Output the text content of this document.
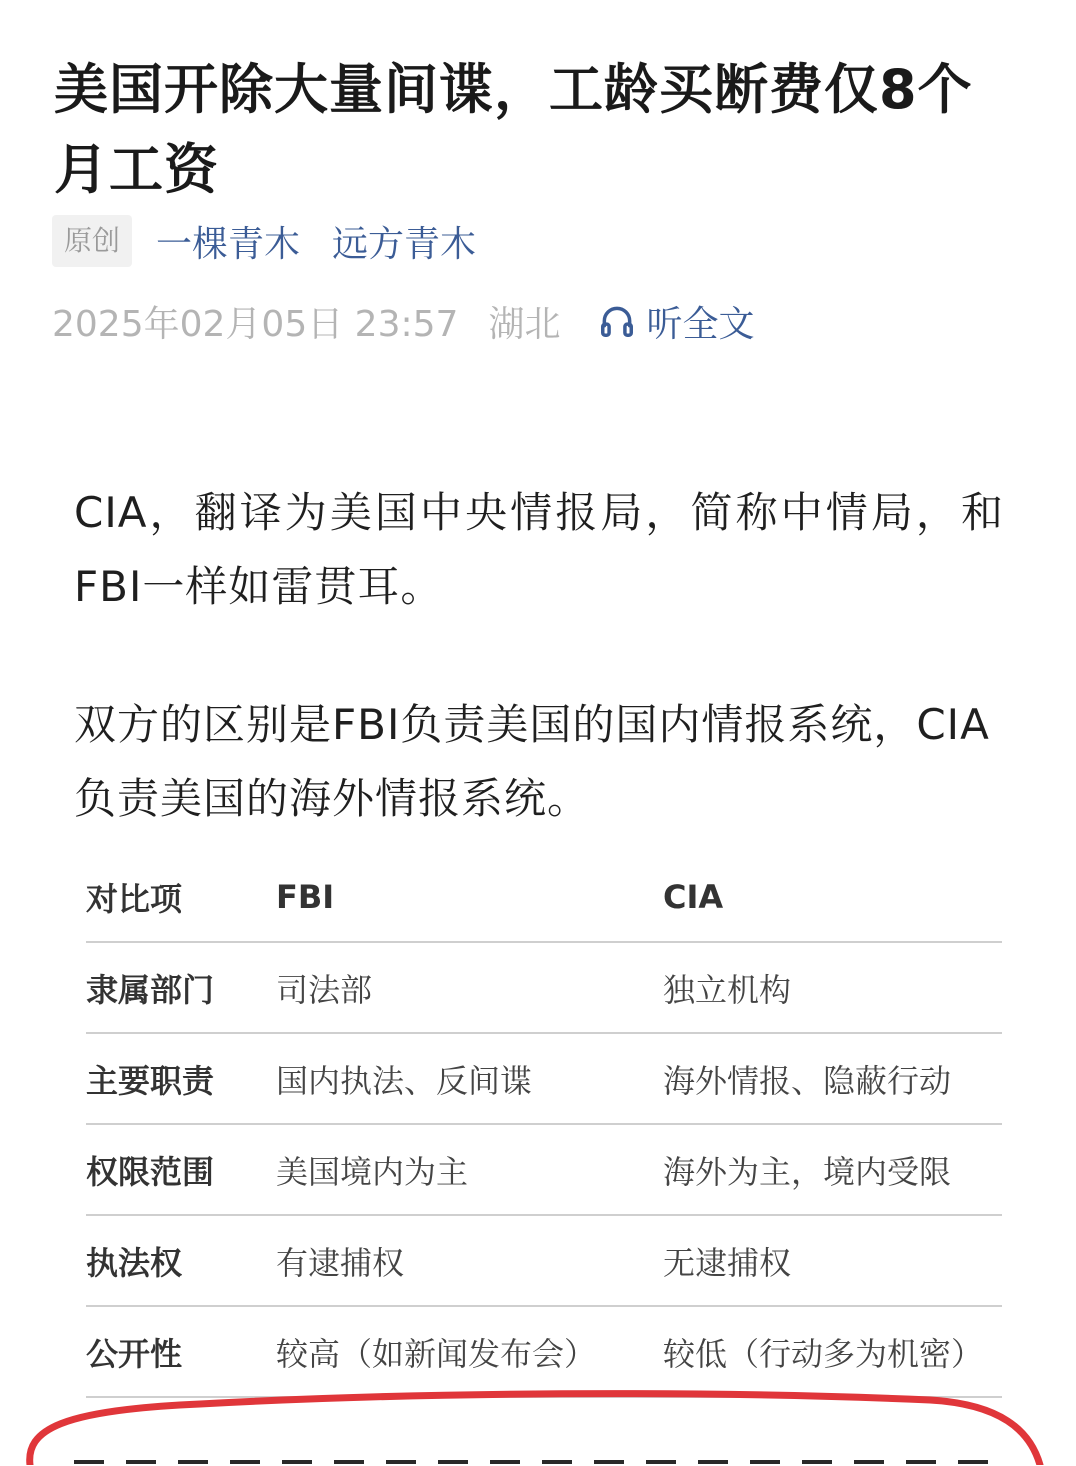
美国开除大量间谍，工龄买断费仅8个月工资
原创	一棵青木 远方青木
2025年02月05日 23:57 湖北 听全文

CIA，翻译为美国中央情报局，简称中情局，和FBI一样如雷贯耳。

双方的区别是FBI负责美国的国内情报系统，CIA负责美国的海外情报系统。

对比项	FBI	CIA
隶属部门	司法部	独立机构
主要职责	国内执法、反间谍	海外情报、隐蔽行动
权限范围	美国境内为主	海外为主，境内受限
执法权	有逮捕权	无逮捕权
公开性	较高（如新闻发布会）	较低（行动多为机密）
